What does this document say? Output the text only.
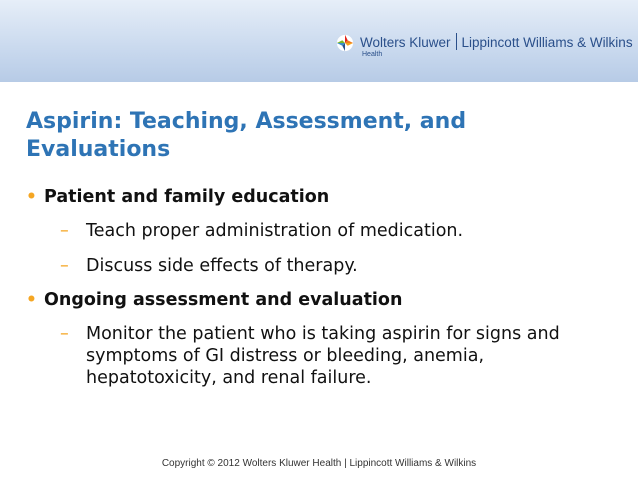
Wolters Kluwer Lippincott Williams & Wilkins
Health
Aspirin: Teaching, Assessment, and Evaluations
• Patient and family education
– Teach proper administration of medication.
– Discuss side effects of therapy.
• Ongoing assessment and evaluation
– Monitor the patient who is taking aspirin for signs and symptoms of GI distress or bleeding, anemia, hepatotoxicity, and renal failure.
Copyright © 2012 Wolters Kluwer Health | Lippincott Williams & Wilkins
